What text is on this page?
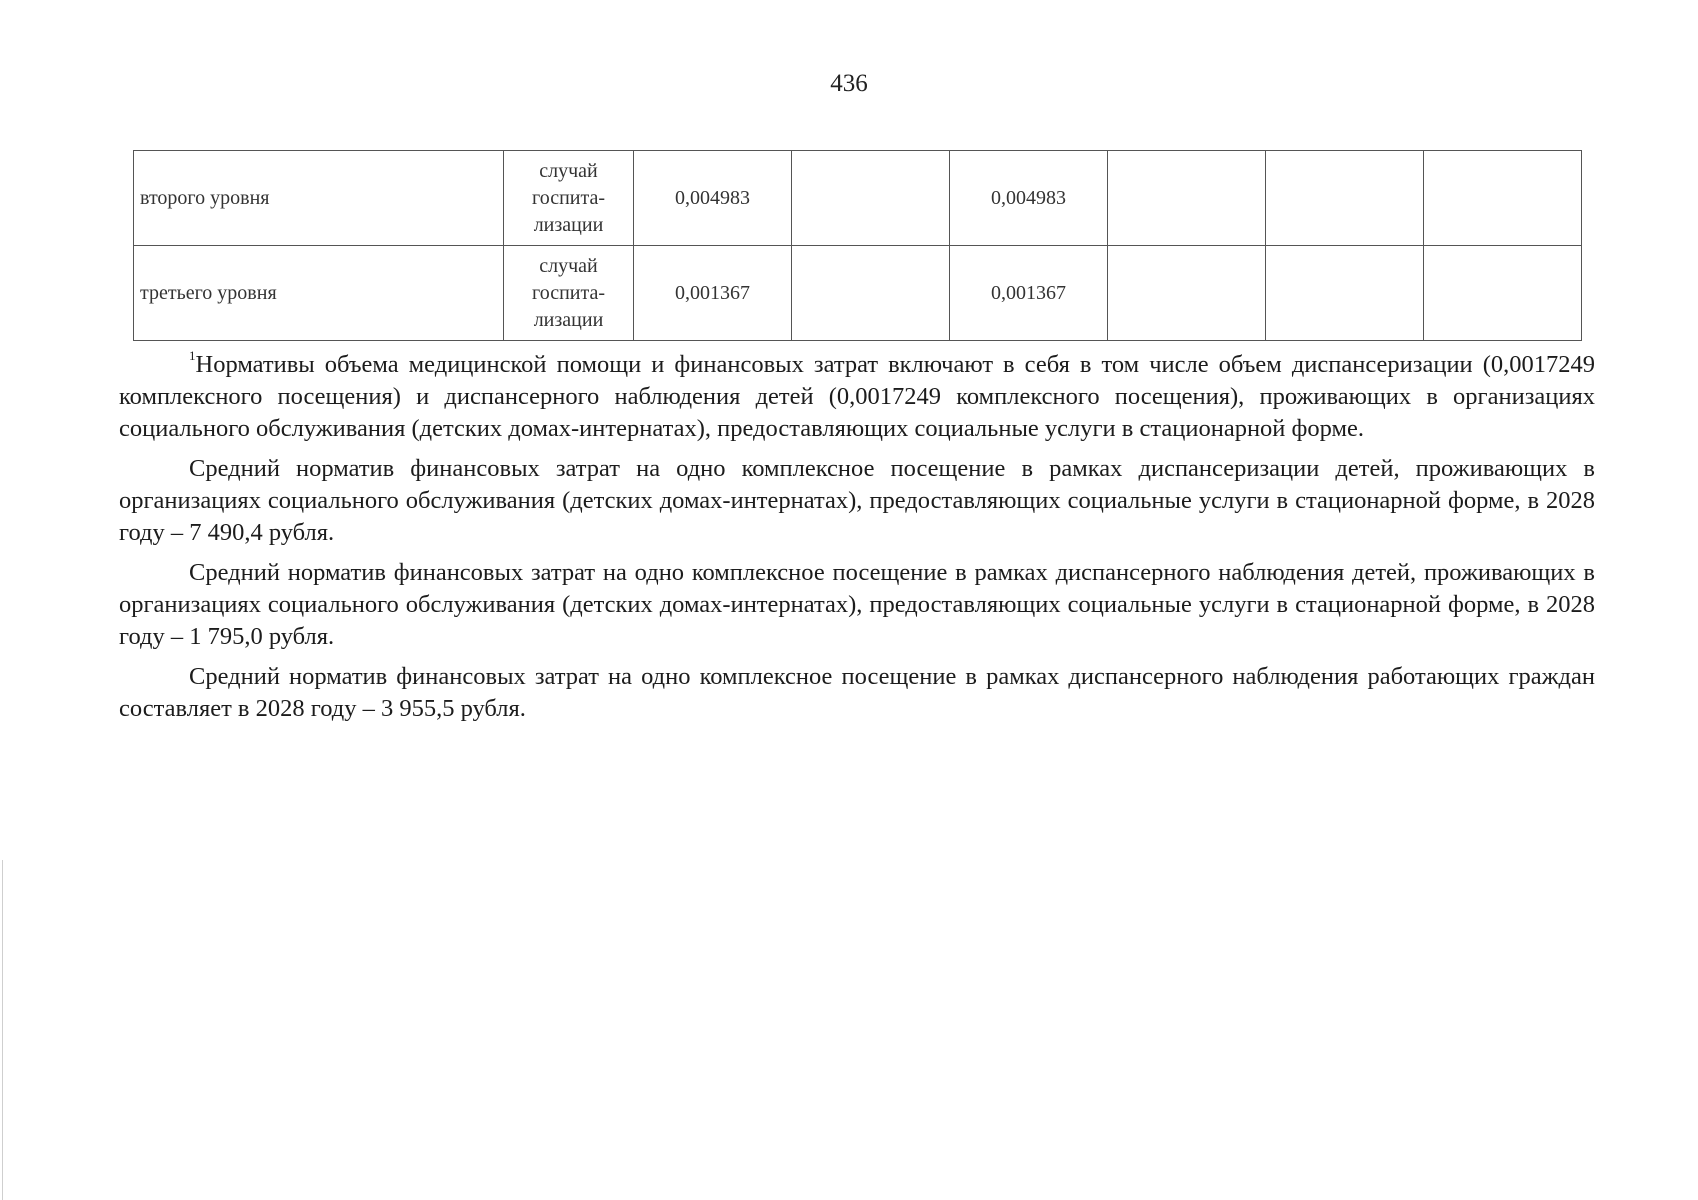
436
второго уровня	случай
госпита-
лизации	0,004983		0,004983			
третьего уровня	случай
госпита-
лизации	0,001367		0,001367			

$^1$Нормативы объема медицинской помощи и финансовых затрат включают в себя в том числе объем диспансеризации (0,0017249 комплексного посещения) и диспансерного наблюдения детей (0,0017249 комплексного посещения), проживающих в организациях социального обслуживания (детских домах-интернатах), предоставляющих социальные услуги в стационарной форме.

Средний норматив финансовых затрат на одно комплексное посещение в рамках диспансеризации детей, проживающих в организациях социального обслуживания (детских домах-интернатах), предоставляющих социальные услуги в стационарной форме, в 2028 году – 7 490,4 рубля.

Средний норматив финансовых затрат на одно комплексное посещение в рамках диспансерного наблюдения детей, проживающих в организациях социального обслуживания (детских домах-интернатах), предоставляющих социальные услуги в стационарной форме, в 2028 году – 1 795,0 рубля.

Средний норматив финансовых затрат на одно комплексное посещение в рамках диспансерного наблюдения работающих граждан составляет в 2028 году – 3 955,5 рубля.
